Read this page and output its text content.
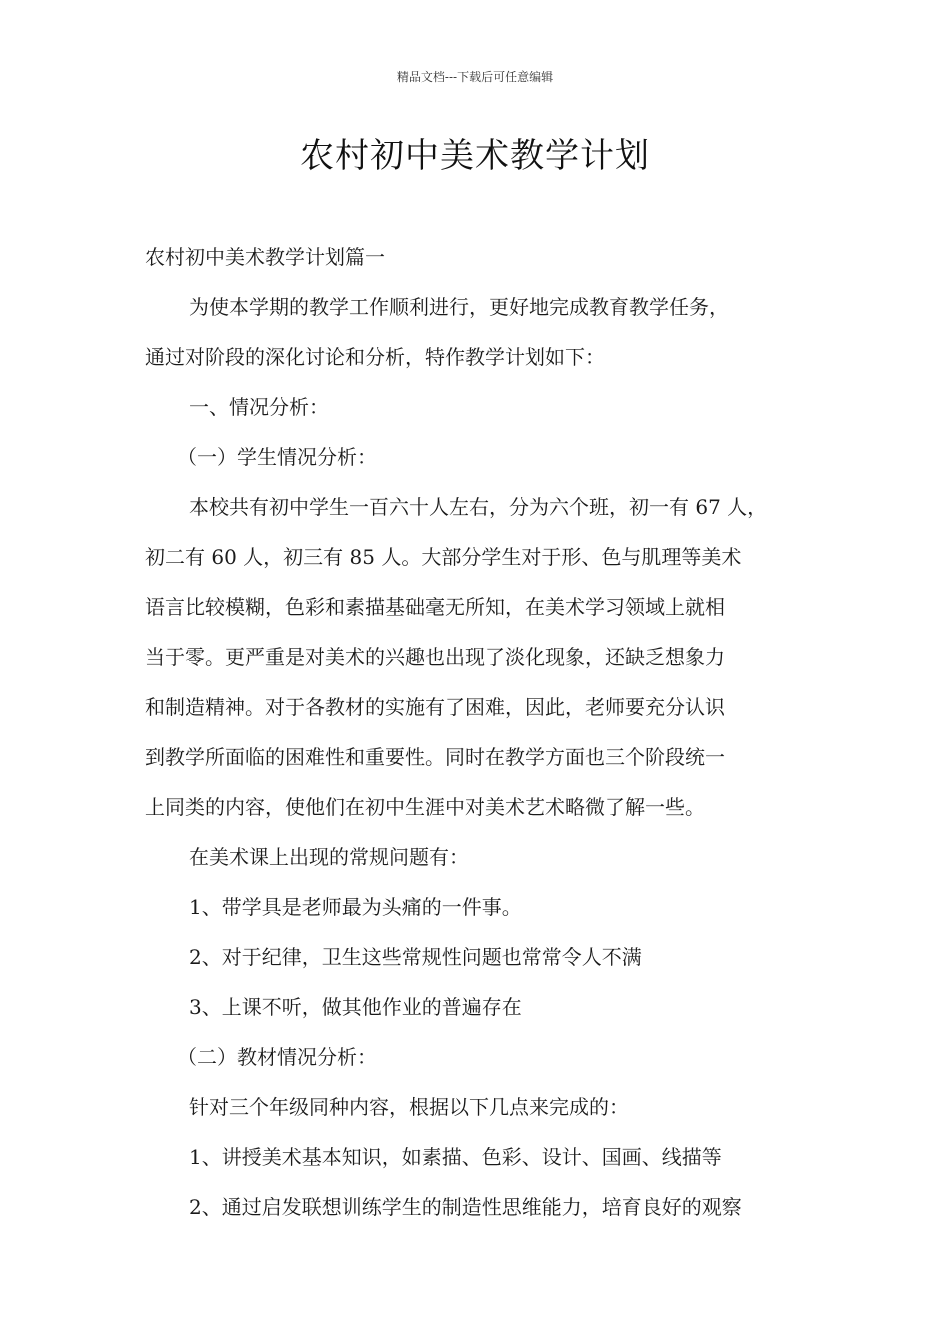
精品文档---下载后可任意编辑
农村初中美术教学计划

农村初中美术教学计划篇一

为使本学期的教学工作顺利进行，更好地完成教育教学任务，

通过对阶段的深化讨论和分析，特作教学计划如下：

一、情况分析：

（一）学生情况分析：

本校共有初中学生一百六十人左右，分为六个班，初一有 67 人，

初二有 60 人，初三有 85 人。大部分学生对于形、色与肌理等美术

语言比较模糊，色彩和素描基础毫无所知，在美术学习领域上就相

当于零。更严重是对美术的兴趣也出现了淡化现象，还缺乏想象力

和制造精神。对于各教材的实施有了困难，因此，老师要充分认识

到教学所面临的困难性和重要性。同时在教学方面也三个阶段统一

上同类的内容，使他们在初中生涯中对美术艺术略微了解一些。

在美术课上出现的常规问题有：

1、带学具是老师最为头痛的一件事。

2、对于纪律，卫生这些常规性问题也常常令人不满

3、上课不听，做其他作业的普遍存在

（二）教材情况分析：

针对三个年级同种内容，根据以下几点来完成的：

1、讲授美术基本知识，如素描、色彩、设计、国画、线描等

2、通过启发联想训练学生的制造性思维能力，培育良好的观察
